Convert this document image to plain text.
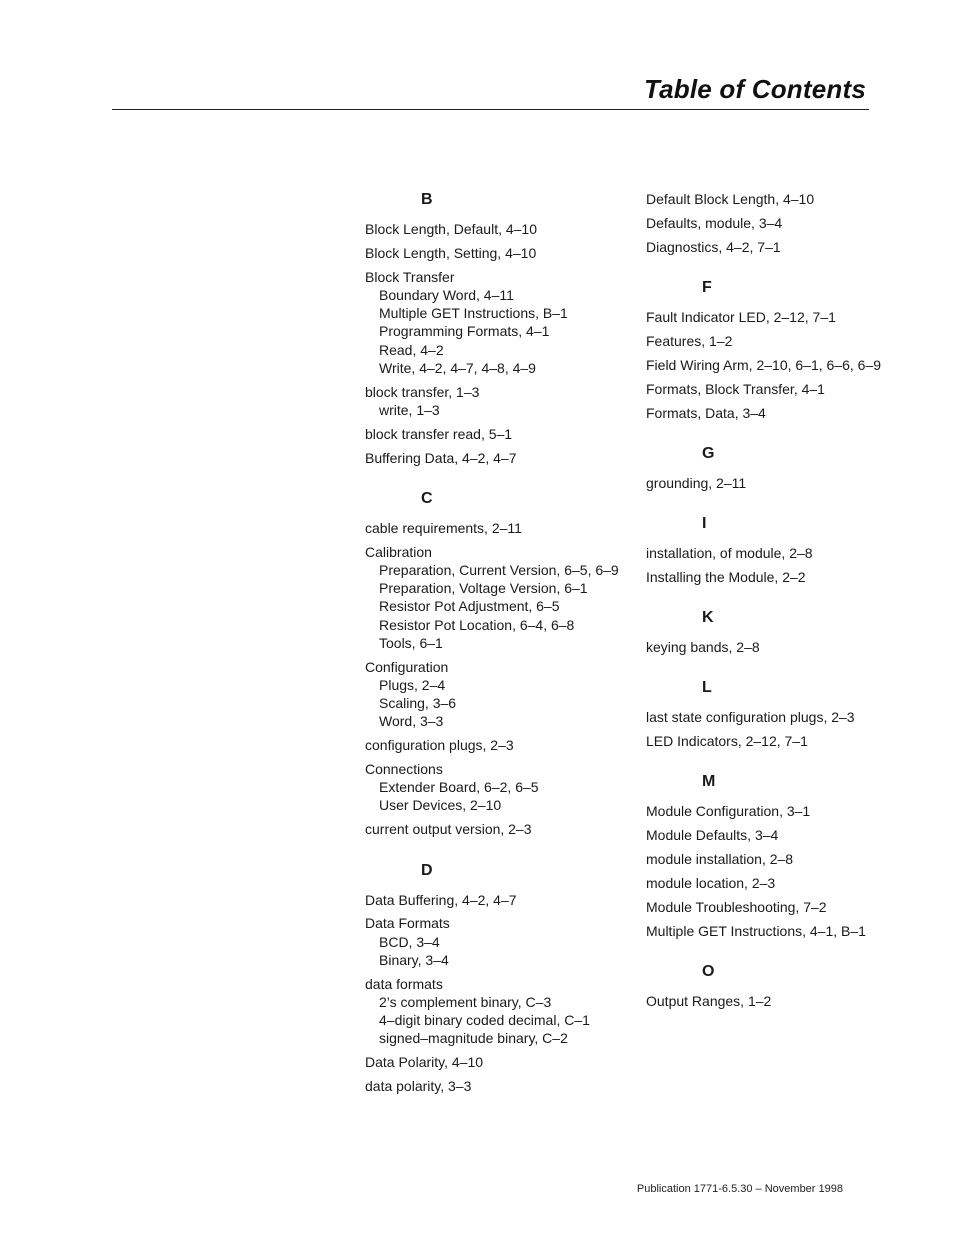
Table of Contents
B
Block Length, Default, 4‒10
Block Length, Setting, 4‒10
Block Transfer
Boundary Word, 4‒11
Multiple GET Instructions, B‒1
Programming Formats, 4‒1
Read, 4‒2
Write, 4‒2, 4‒7, 4‒8, 4‒9
block transfer, 1‒3
write, 1‒3
block transfer read, 5‒1
Buffering Data, 4‒2, 4‒7
C
cable requirements, 2‒11
Calibration
Preparation, Current Version, 6‒5, 6‒9
Preparation, Voltage Version, 6‒1
Resistor Pot Adjustment, 6‒5
Resistor Pot Location, 6‒4, 6‒8
Tools, 6‒1
Configuration
Plugs, 2‒4
Scaling, 3‒6
Word, 3‒3
configuration plugs, 2‒3
Connections
Extender Board, 6‒2, 6‒5
User Devices, 2‒10
current output version, 2‒3
D
Data Buffering, 4‒2, 4‒7
Data Formats
BCD, 3‒4
Binary, 3‒4
data formats
2’s complement binary, C‒3
4‒digit binary coded decimal, C‒1
signed‒magnitude binary, C‒2
Data Polarity, 4‒10
data polarity, 3‒3
Default Block Length, 4‒10
Defaults, module, 3‒4
Diagnostics, 4‒2, 7‒1
F
Fault Indicator LED, 2‒12, 7‒1
Features, 1‒2
Field Wiring Arm, 2‒10, 6‒1, 6‒6, 6‒9
Formats, Block Transfer, 4‒1
Formats, Data, 3‒4
G
grounding, 2‒11
I
installation, of module, 2‒8
Installing the Module, 2‒2
K
keying bands, 2‒8
L
last state configuration plugs, 2‒3
LED Indicators, 2‒12, 7‒1
M
Module Configuration, 3‒1
Module Defaults, 3‒4
module installation, 2‒8
module location, 2‒3
Module Troubleshooting, 7‒2
Multiple GET Instructions, 4‒1, B‒1
O
Output Ranges, 1‒2
Publication 1771-6.5.30 – November 1998
